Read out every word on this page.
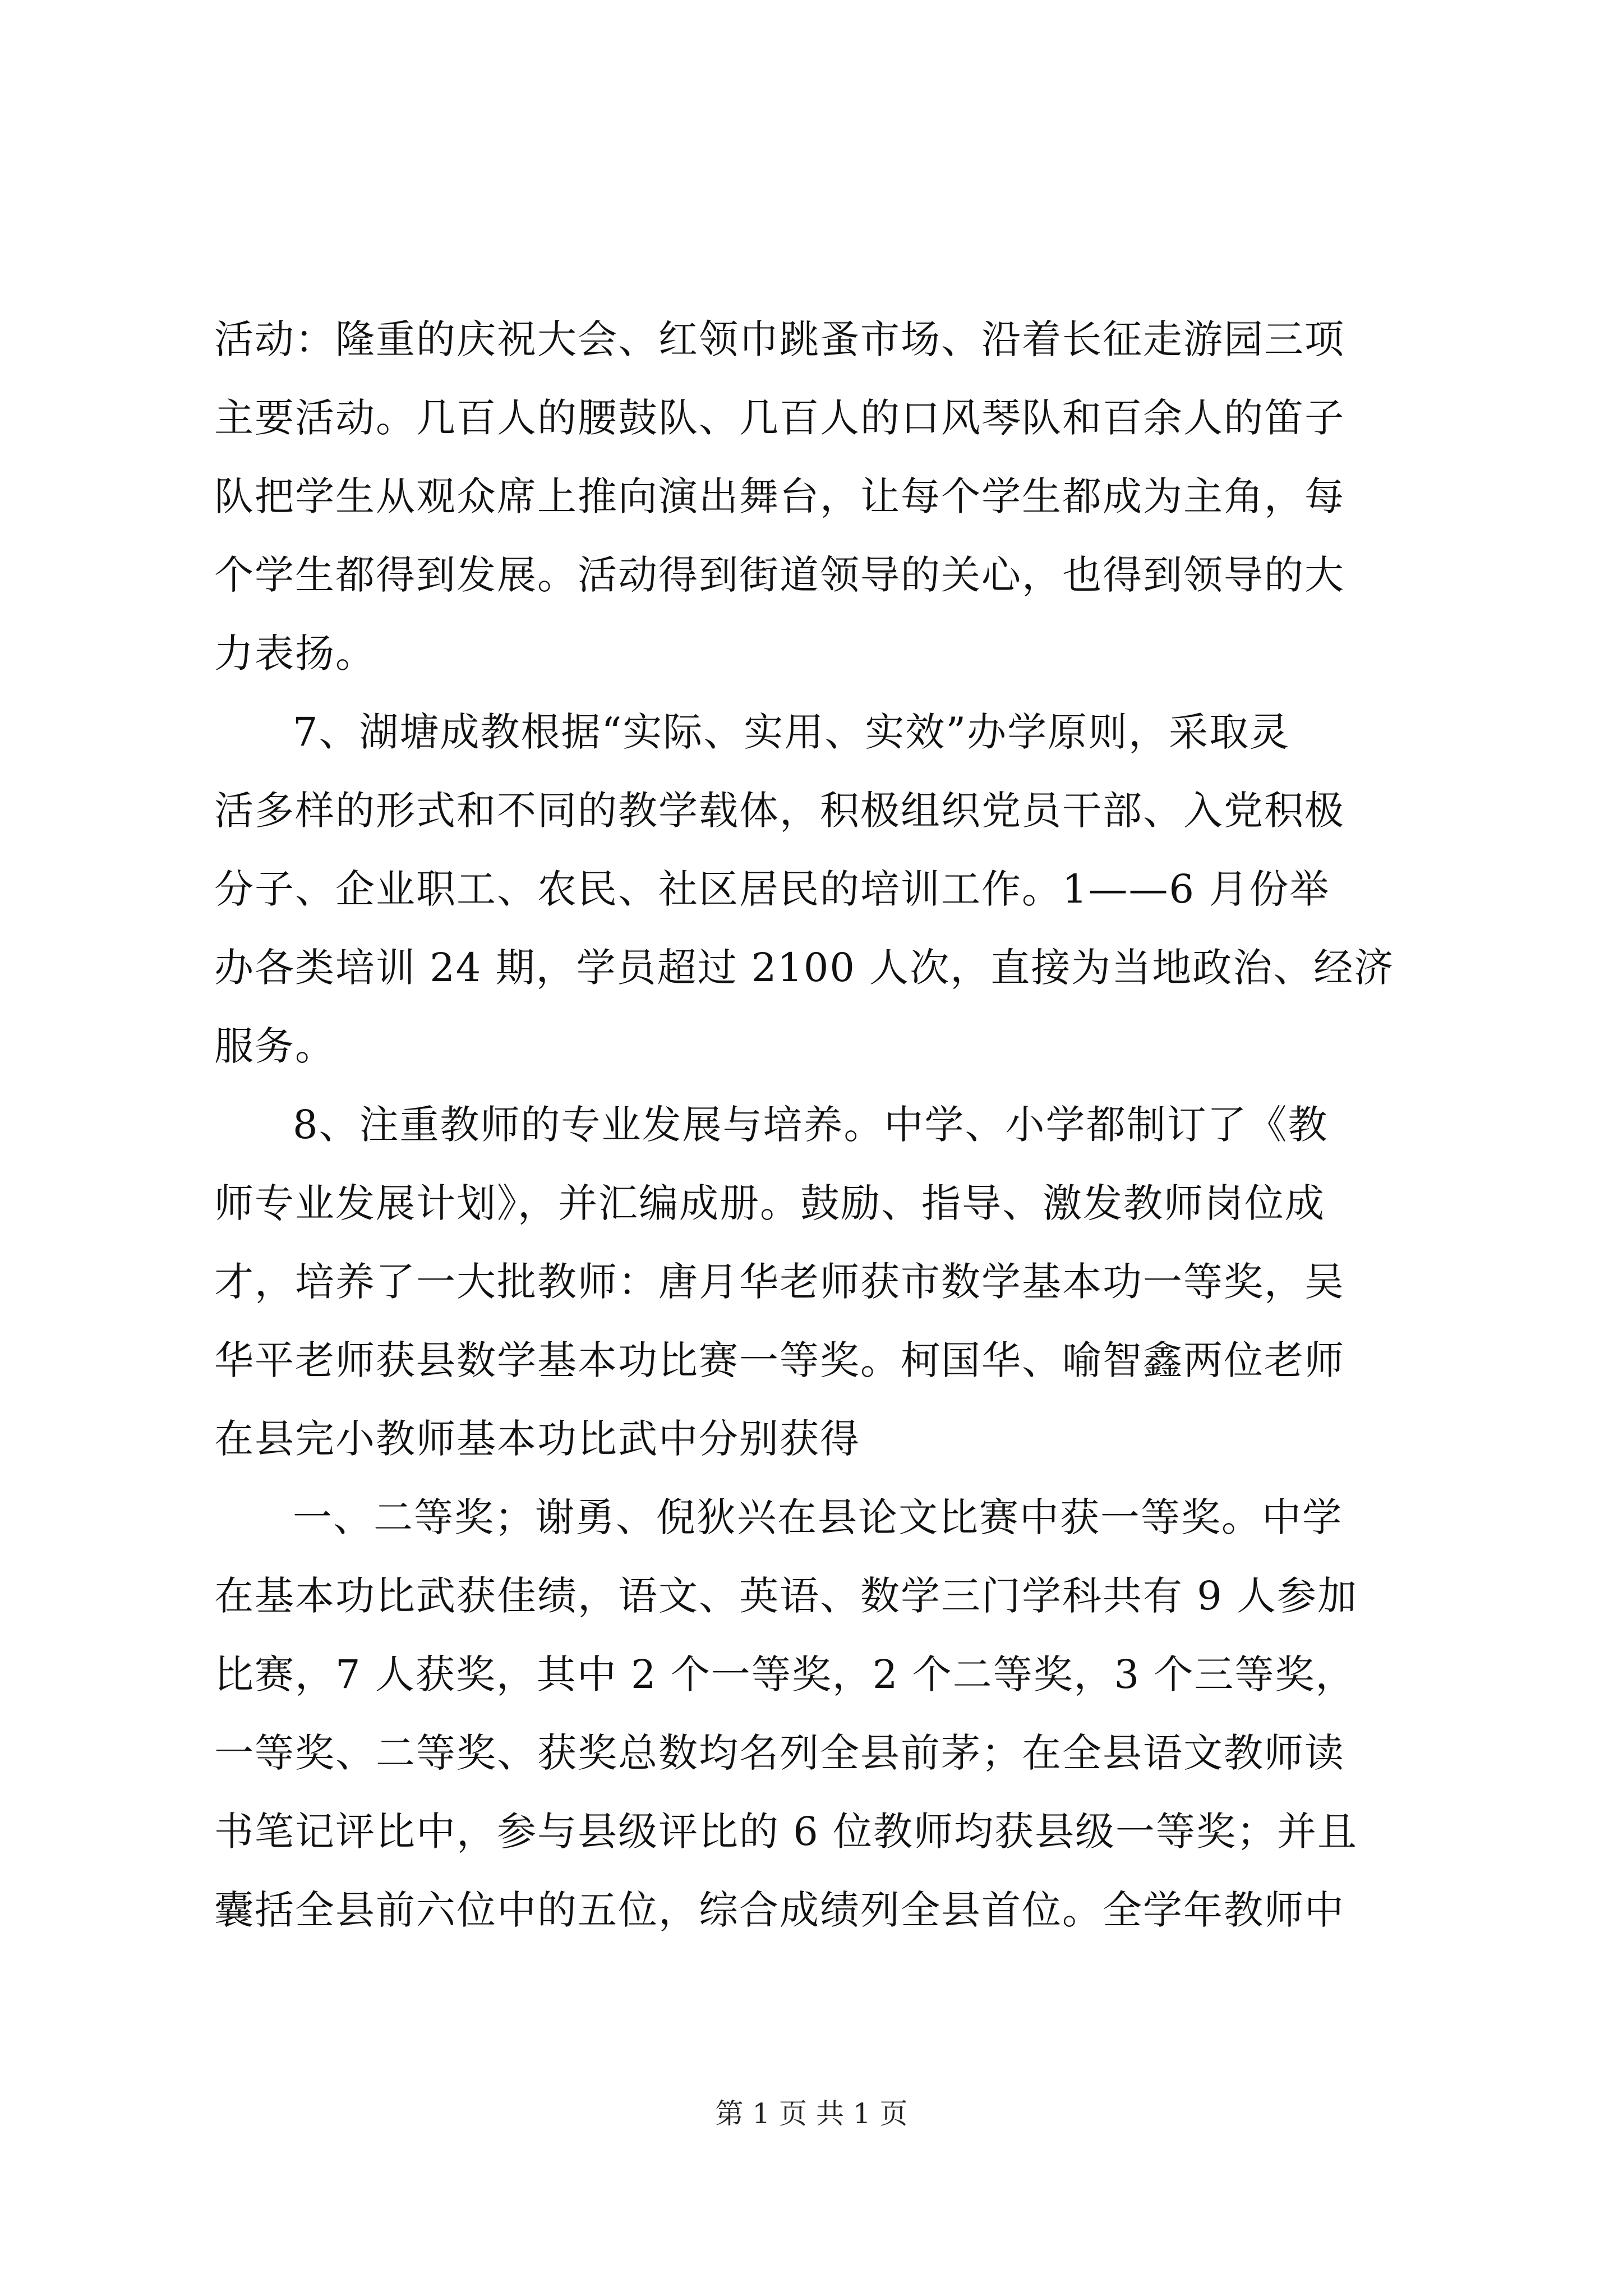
活动：隆重的庆祝大会、红领巾跳蚤市场、沿着长征走游园三项
主要活动。几百人的腰鼓队、几百人的口风琴队和百余人的笛子
队把学生从观众席上推向演出舞台，让每个学生都成为主角，每
个学生都得到发展。活动得到街道领导的关心，也得到领导的大
力表扬。
7、湖塘成教根据“实际、实用、实效”办学原则，采取灵
活多样的形式和不同的教学载体，积极组织党员干部、入党积极
分子、企业职工、农民、社区居民的培训工作。1——6 月份举
办各类培训 24 期，学员超过 2100 人次，直接为当地政治、经济
服务。
8、注重教师的专业发展与培养。中学、小学都制订了《教
师专业发展计划》，并汇编成册。鼓励、指导、激发教师岗位成
才，培养了一大批教师：唐月华老师获市数学基本功一等奖，吴
华平老师获县数学基本功比赛一等奖。柯国华、喻智鑫两位老师
在县完小教师基本功比武中分别获得
一、二等奖；谢勇、倪狄兴在县论文比赛中获一等奖。中学
在基本功比武获佳绩，语文、英语、数学三门学科共有 9 人参加
比赛，7 人获奖，其中 2 个一等奖，2 个二等奖，3 个三等奖，
一等奖、二等奖、获奖总数均名列全县前茅；在全县语文教师读
书笔记评比中，参与县级评比的 6 位教师均获县级一等奖；并且
囊括全县前六位中的五位，综合成绩列全县首位。全学年教师中
第 1 页 共 1 页
